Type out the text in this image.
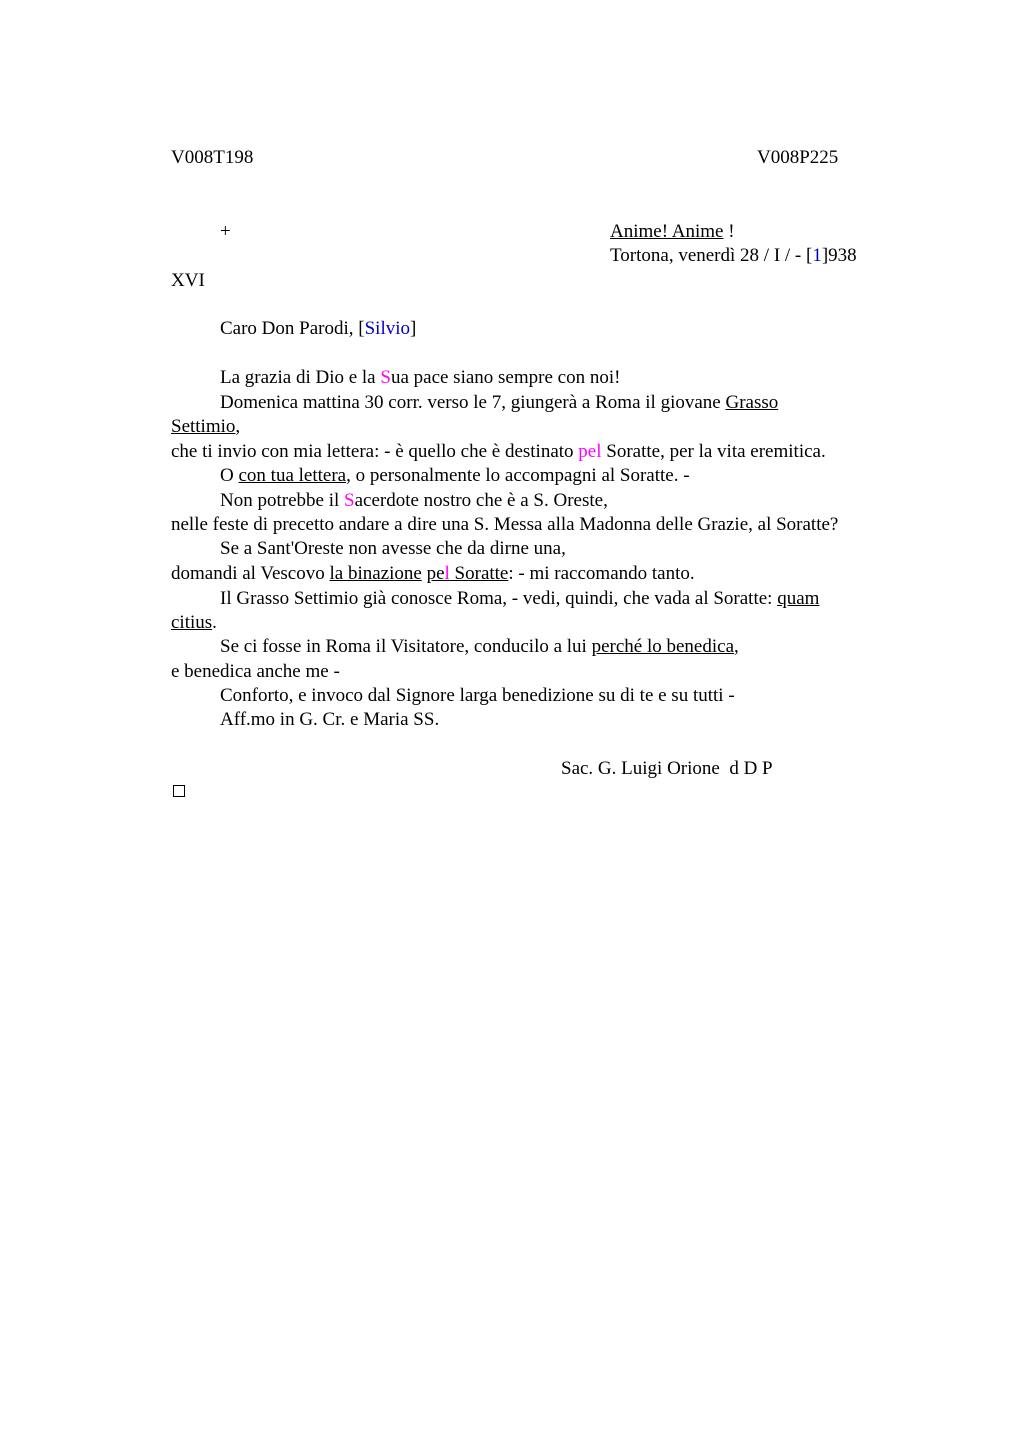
V008T198	V008P225
+	Anime! Anime !
Tortona, venerdì 28 / I / - [1]938
XVI
Caro Don Parodi, [Silvio]
La grazia di Dio e la Sua pace siano sempre con noi!
Domenica mattina 30 corr. verso le 7, giungerà a Roma il giovane Grasso
Settimio,
che ti invio con mia lettera: - è quello che è destinato pel Soratte, per la vita eremitica.
O con tua lettera, o personalmente lo accompagni al Soratte. -
Non potrebbe il Sacerdote nostro che è a S. Oreste,
nelle feste di precetto andare a dire una S. Messa alla Madonna delle Grazie, al Soratte?
Se a Sant'Oreste non avesse che da dirne una,
domandi al Vescovo la binazione pel Soratte: - mi raccomando tanto.
Il Grasso Settimio già conosce Roma, - vedi, quindi, che vada al Soratte: quam
citius.
Se ci fosse in Roma il Visitatore, conducilo a lui perché lo benedica,
e benedica anche me -
Conforto, e invoco dal Signore larga benedizione su di te e su tutti -
Aff.mo in G. Cr. e Maria SS.
Sac. G. Luigi Orione  d D P
